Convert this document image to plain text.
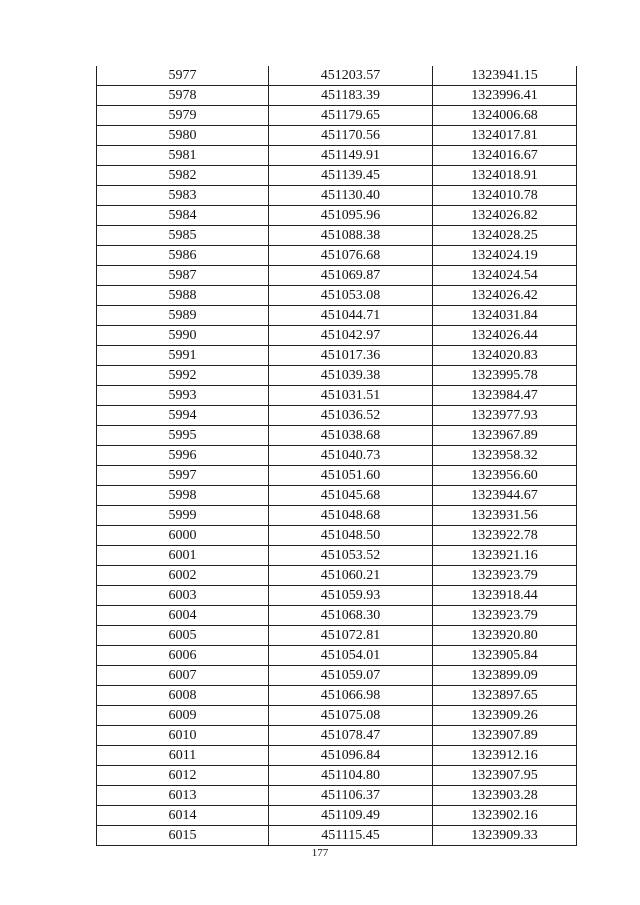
5977	451203.57	1323941.15
5978	451183.39	1323996.41
5979	451179.65	1324006.68
5980	451170.56	1324017.81
5981	451149.91	1324016.67
5982	451139.45	1324018.91
5983	451130.40	1324010.78
5984	451095.96	1324026.82
5985	451088.38	1324028.25
5986	451076.68	1324024.19
5987	451069.87	1324024.54
5988	451053.08	1324026.42
5989	451044.71	1324031.84
5990	451042.97	1324026.44
5991	451017.36	1324020.83
5992	451039.38	1323995.78
5993	451031.51	1323984.47
5994	451036.52	1323977.93
5995	451038.68	1323967.89
5996	451040.73	1323958.32
5997	451051.60	1323956.60
5998	451045.68	1323944.67
5999	451048.68	1323931.56
6000	451048.50	1323922.78
6001	451053.52	1323921.16
6002	451060.21	1323923.79
6003	451059.93	1323918.44
6004	451068.30	1323923.79
6005	451072.81	1323920.80
6006	451054.01	1323905.84
6007	451059.07	1323899.09
6008	451066.98	1323897.65
6009	451075.08	1323909.26
6010	451078.47	1323907.89
6011	451096.84	1323912.16
6012	451104.80	1323907.95
6013	451106.37	1323903.28
6014	451109.49	1323902.16
6015	451115.45	1323909.33
177
